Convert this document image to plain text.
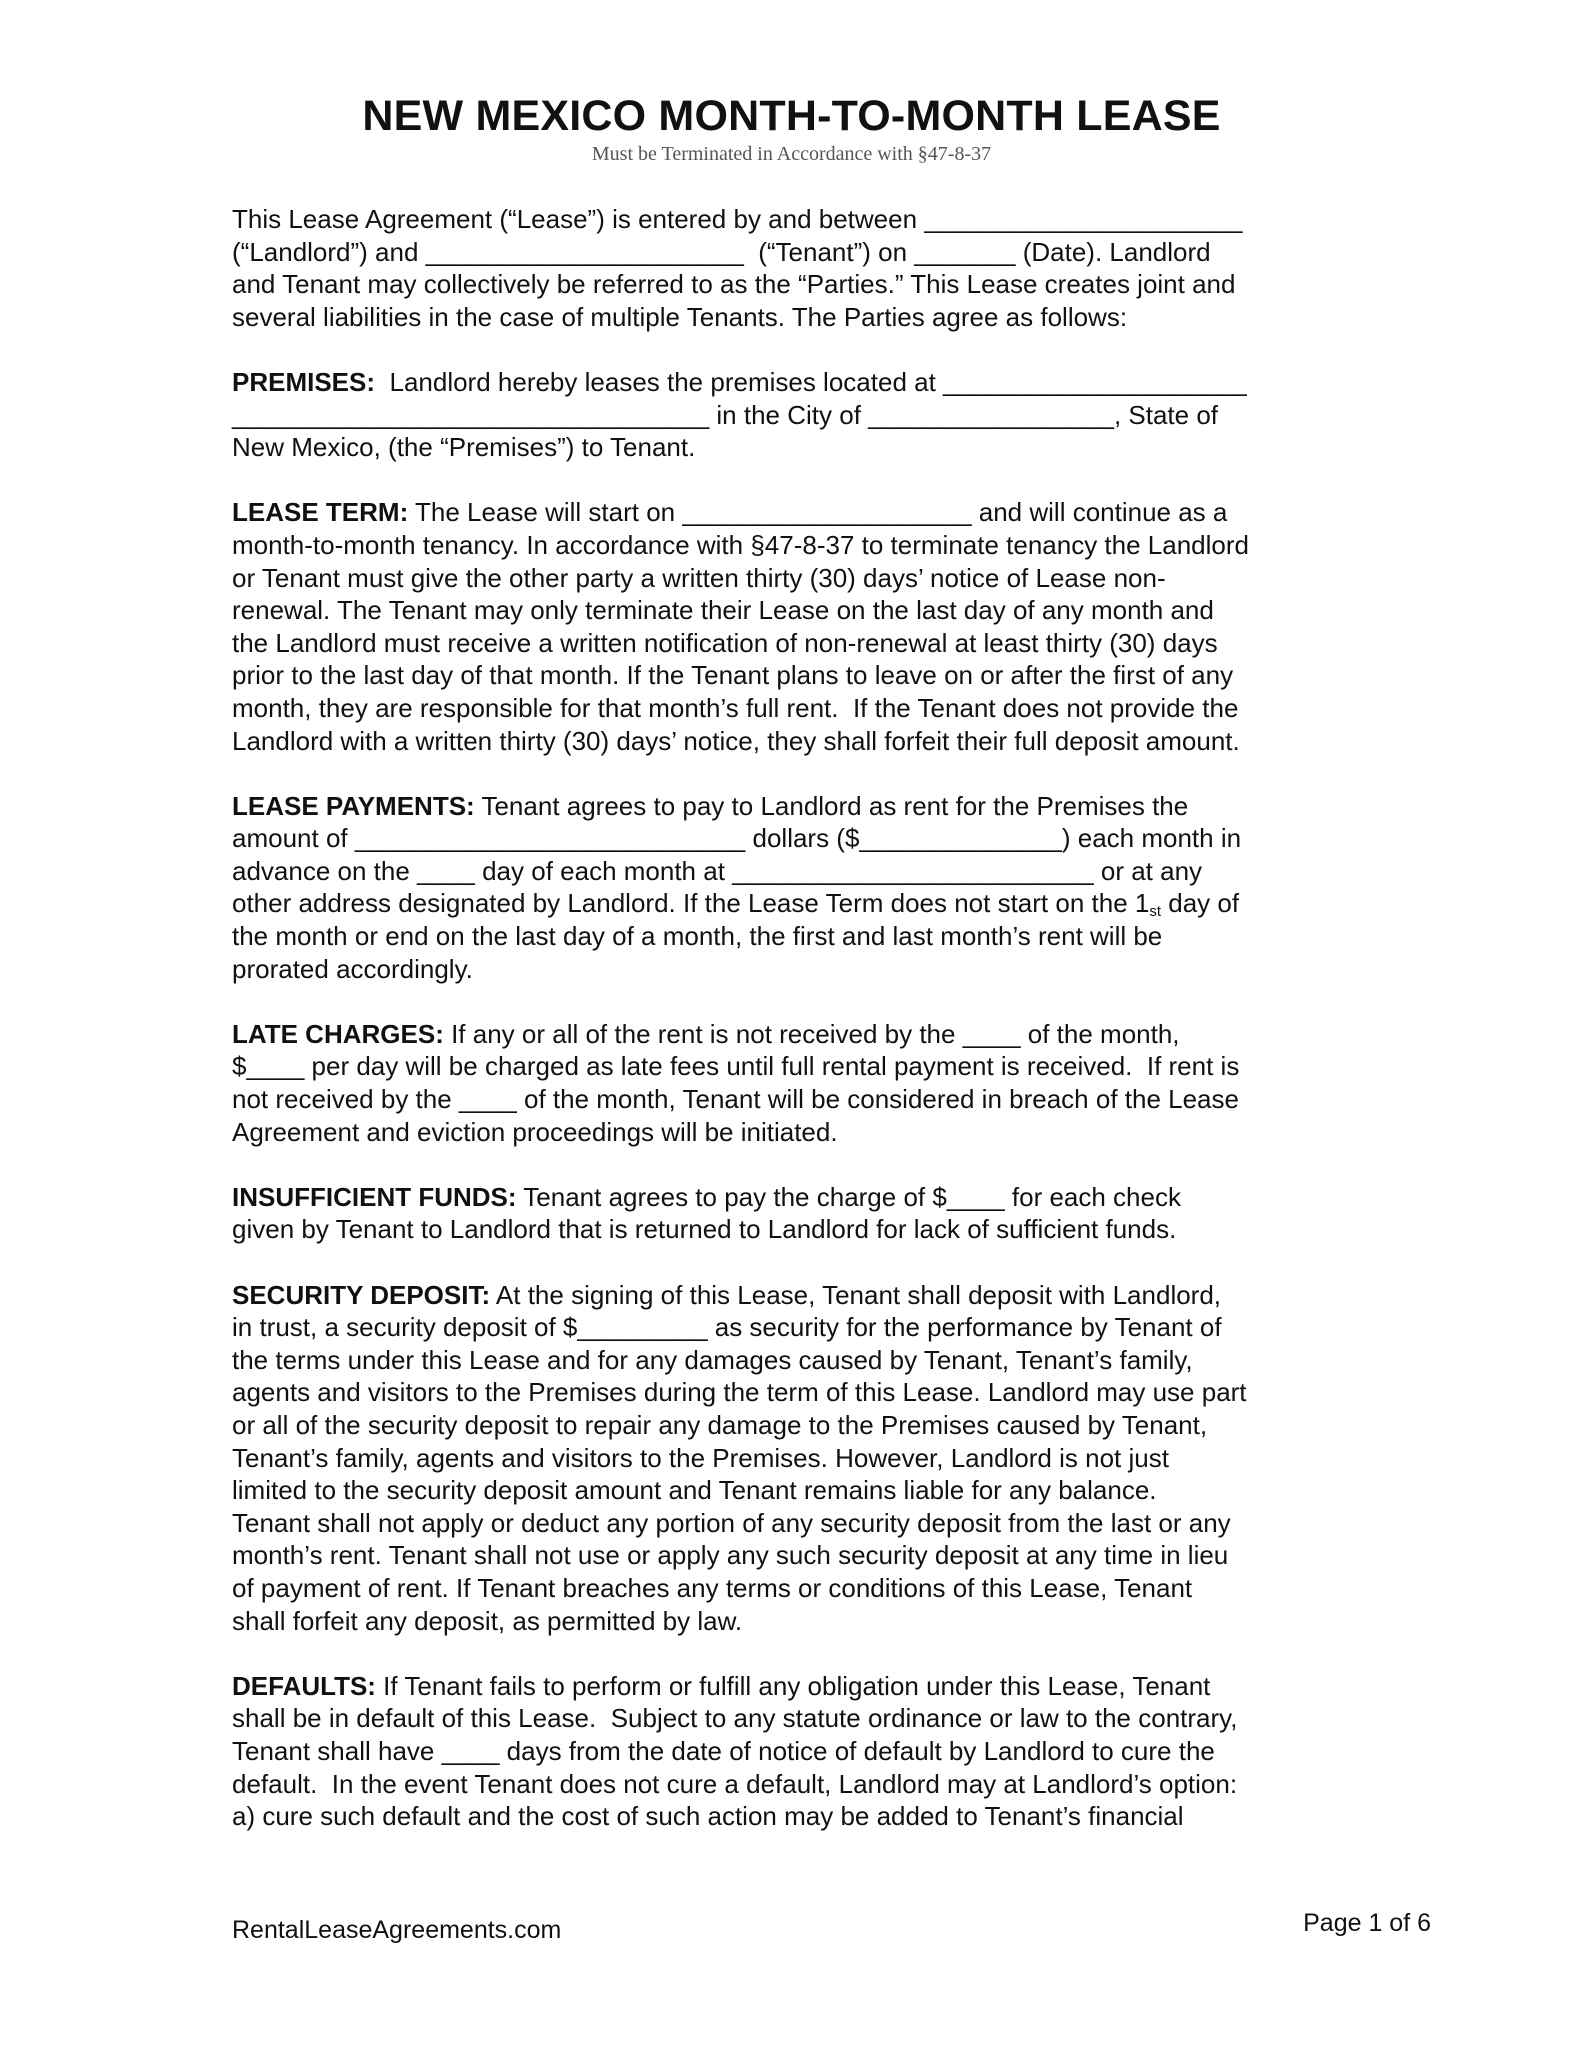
NEW MEXICO MONTH-TO-MONTH LEASE

Must be Terminated in Accordance with §47-8-37

This Lease Agreement (“Lease”) is entered by and between ______________________
(“Landlord”) and ______________________  (“Tenant”) on _______ (Date). Landlord
and Tenant may collectively be referred to as the “Parties.” This Lease creates joint and
several liabilities in the case of multiple Tenants. The Parties agree as follows:
PREMISES:  Landlord hereby leases the premises located at _____________________
_________________________________ in the City of _________________, State of
New Mexico, (the “Premises”) to Tenant.
LEASE TERM: The Lease will start on ____________________ and will continue as a
month-to-month tenancy. In accordance with §47-8-37 to terminate tenancy the Landlord
or Tenant must give the other party a written thirty (30) days’ notice of Lease non-
renewal. The Tenant may only terminate their Lease on the last day of any month and
the Landlord must receive a written notification of non-renewal at least thirty (30) days
prior to the last day of that month. If the Tenant plans to leave on or after the first of any
month, they are responsible for that month’s full rent.  If the Tenant does not provide the
Landlord with a written thirty (30) days’ notice, they shall forfeit their full deposit amount.
LEASE PAYMENTS: Tenant agrees to pay to Landlord as rent for the Premises the
amount of ___________________________ dollars ($______________) each month in
advance on the ____ day of each month at _________________________ or at any
other address designated by Landlord. If the Lease Term does not start on the 1st day of
the month or end on the last day of a month, the first and last month’s rent will be
prorated accordingly.
LATE CHARGES: If any or all of the rent is not received by the ____ of the month,
$____ per day will be charged as late fees until full rental payment is received.  If rent is
not received by the ____ of the month, Tenant will be considered in breach of the Lease
Agreement and eviction proceedings will be initiated.
INSUFFICIENT FUNDS: Tenant agrees to pay the charge of $____ for each check
given by Tenant to Landlord that is returned to Landlord for lack of sufficient funds.
SECURITY DEPOSIT: At the signing of this Lease, Tenant shall deposit with Landlord,
in trust, a security deposit of $_________ as security for the performance by Tenant of
the terms under this Lease and for any damages caused by Tenant, Tenant’s family,
agents and visitors to the Premises during the term of this Lease. Landlord may use part
or all of the security deposit to repair any damage to the Premises caused by Tenant,
Tenant’s family, agents and visitors to the Premises. However, Landlord is not just
limited to the security deposit amount and Tenant remains liable for any balance.
Tenant shall not apply or deduct any portion of any security deposit from the last or any
month’s rent. Tenant shall not use or apply any such security deposit at any time in lieu
of payment of rent. If Tenant breaches any terms or conditions of this Lease, Tenant
shall forfeit any deposit, as permitted by law.
DEFAULTS: If Tenant fails to perform or fulfill any obligation under this Lease, Tenant
shall be in default of this Lease.  Subject to any statute ordinance or law to the contrary,
Tenant shall have ____ days from the date of notice of default by Landlord to cure the
default.  In the event Tenant does not cure a default, Landlord may at Landlord’s option:
a) cure such default and the cost of such action may be added to Tenant’s financial
RentalLeaseAgreements.com	Page 1 of 6
